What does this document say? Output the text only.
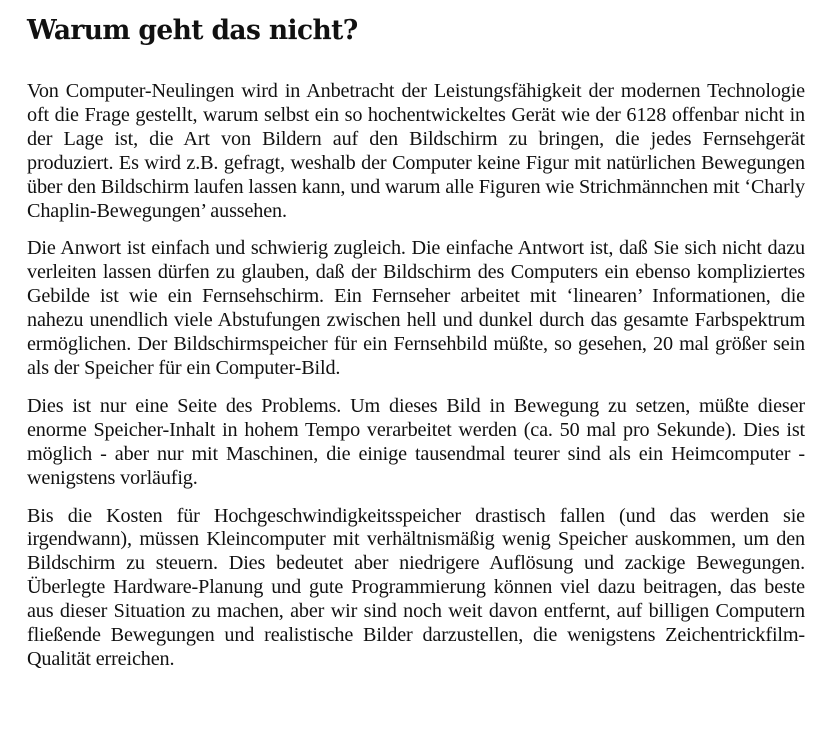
Warum geht das nicht?

Von Computer-Neulingen wird in Anbetracht der Leistungsfähigkeit der modernen Technologie oft die Frage gestellt, warum selbst ein so hochentwickeltes Gerät wie der 6128 offenbar nicht in der Lage ist, die Art von Bildern auf den Bildschirm zu bringen, die jedes Fernsehgerät produziert. Es wird z.B. gefragt, weshalb der Computer keine Figur mit natürlichen Bewegungen über den Bildschirm laufen lassen kann, und warum alle Figuren wie Strichmännchen mit ‘Charly Chaplin-Bewegungen’ aussehen.

Die Anwort ist einfach und schwierig zugleich. Die einfache Antwort ist, daß Sie sich nicht dazu verleiten lassen dürfen zu glauben, daß der Bildschirm des Computers ein ebenso kompliziertes Gebilde ist wie ein Fernsehschirm. Ein Fernseher arbeitet mit ‘linearen’ Informationen, die nahezu unendlich viele Abstufungen zwischen hell und dunkel durch das gesamte Farbspektrum ermöglichen. Der Bildschirmspeicher für ein Fernsehbild müßte, so gesehen, 20 mal größer sein als der Speicher für ein Computer-Bild.

Dies ist nur eine Seite des Problems. Um dieses Bild in Bewegung zu setzen, müßte dieser enorme Speicher-Inhalt in hohem Tempo verarbeitet werden (ca. 50 mal pro Sekunde). Dies ist möglich - aber nur mit Maschinen, die einige tausendmal teurer sind als ein Heimcomputer - wenigstens vorläufig.

Bis die Kosten für Hochgeschwindigkeitsspeicher drastisch fallen (und das werden sie irgendwann), müssen Kleincomputer mit verhältnismäßig wenig Speicher auskommen, um den Bildschirm zu steuern. Dies bedeutet aber niedrigere Auflösung und zackige Bewegungen. Überlegte Hardware-Planung und gute Programmierung können viel dazu beitragen, das beste aus dieser Situation zu machen, aber wir sind noch weit davon entfernt, auf billigen Computern fließende Bewegungen und realistische Bilder darzustellen, die wenigstens Zeichentrickfilm-Qualität erreichen.
